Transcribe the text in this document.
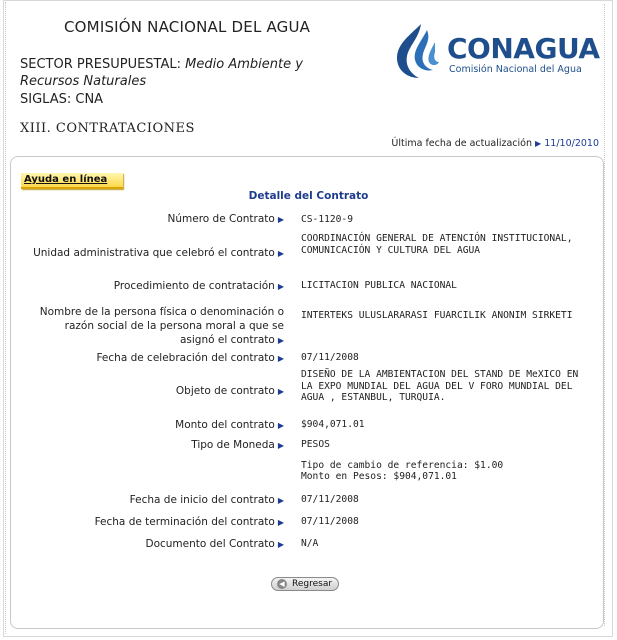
COMISIÓN NACIONAL DEL AGUA
SECTOR PRESUPUESTAL: Medio Ambiente y Recursos Naturales
SIGLAS: CNA
XIII. CONTRATACIONES
CONAGUA
Comisión Nacional del Agua
Última fecha de actualización ▶ 11/10/2010
Ayuda en línea
Detalle del Contrato
Número de Contrato ▶ CS-1120-9
Unidad administrativa que celebró el contrato ▶
COORDINACIÓN GENERAL DE ATENCIÓN INSTITUCIONAL, COMUNICACIÓN Y CULTURA DEL AGUA
Procedimiento de contratación ▶ LICITACION PUBLICA NACIONAL
Nombre de la persona física o denominación o razón social de la persona moral a que se asignó el contrato ▶
INTERTEKS ULUSLARARASI FUARCILIK ANONIM SIRKETI
Fecha de celebración del contrato ▶ 07/11/2008
Objeto de contrato ▶
DISEÑO DE LA AMBIENTACION DEL STAND DE MeXICO EN LA EXPO MUNDIAL DEL AGUA DEL V FORO MUNDIAL DEL AGUA , ESTANBUL, TURQUIA.
Monto del contrato ▶ $904,071.01
Tipo de Moneda ▶ PESOS
Tipo de cambio de referencia: $1.00
Monto en Pesos: $904,071.01
Fecha de inicio del contrato ▶ 07/11/2008
Fecha de terminación del contrato ▶ 07/11/2008
Documento del Contrato ▶ N/A
◀ Regresar
